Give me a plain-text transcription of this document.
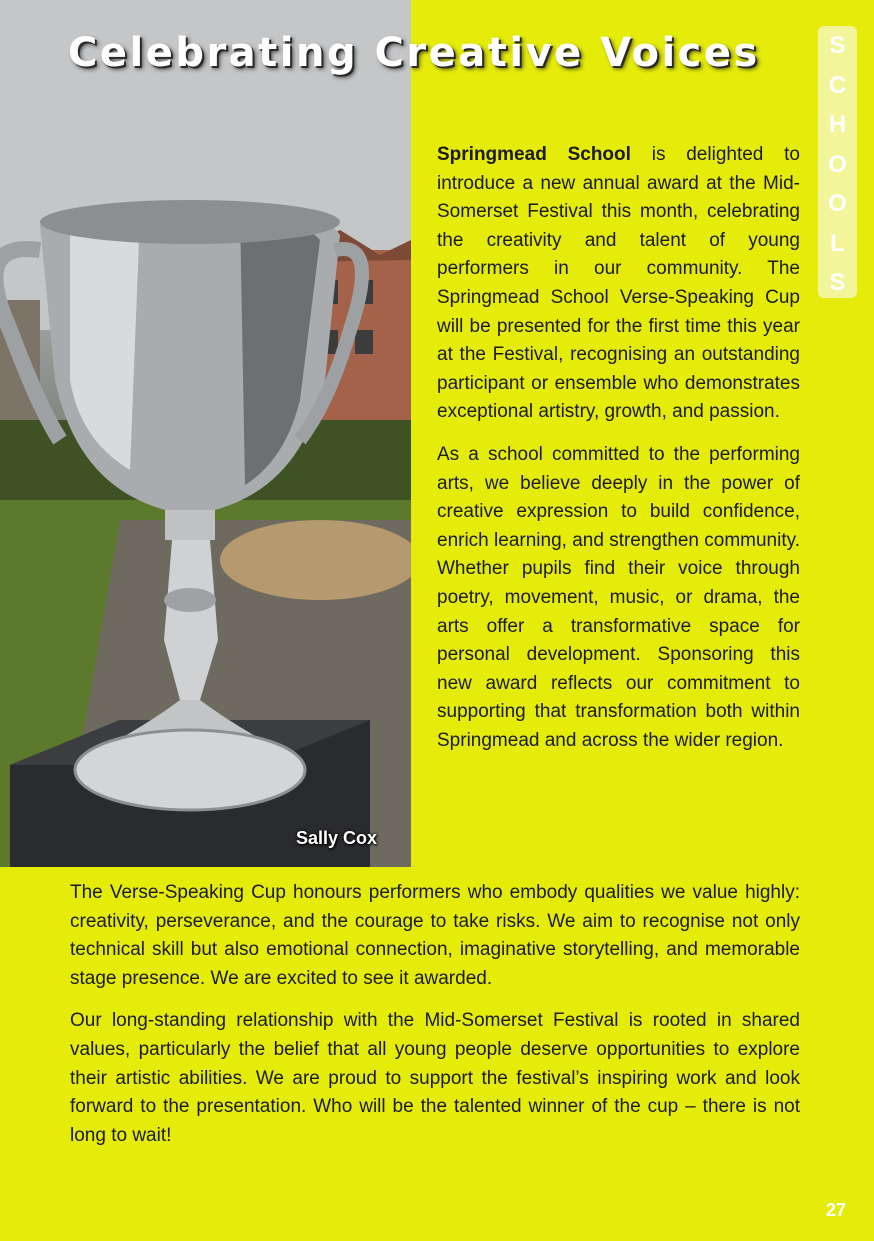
Sally Cox
Celebrating Creative Voices	S
C
H
O
O
L
S

Springmead School is delighted to introduce a new annual award at the Mid-Somerset Festival this month, celebrating the creativity and talent of young performers in our community. The Springmead School Verse-Speaking Cup will be presented for the first time this year at the Festival, recognising an outstanding participant or ensemble who demonstrates exceptional artistry, growth, and passion.

As a school committed to the performing arts, we believe deeply in the power of creative expression to build confidence, enrich learning, and strengthen community. Whether pupils find their voice through poetry, movement, music, or drama, the arts offer a transformative space for personal development. Sponsoring this new award reflects our commitment to supporting that transformation both within Springmead and across the wider region.

The Verse-Speaking Cup honours performers who embody qualities we value highly: creativity, perseverance, and the courage to take risks. We aim to recognise not only technical skill but also emotional connection, imaginative storytelling, and memorable stage presence. We are excited to see it awarded.

Our long-standing relationship with the Mid-Somerset Festival is rooted in shared values, particularly the belief that all young people deserve opportunities to explore their artistic abilities. We are proud to support the festival’s inspiring work and look forward to the presentation. Who will be the talented winner of the cup – there is not long to wait!

27
